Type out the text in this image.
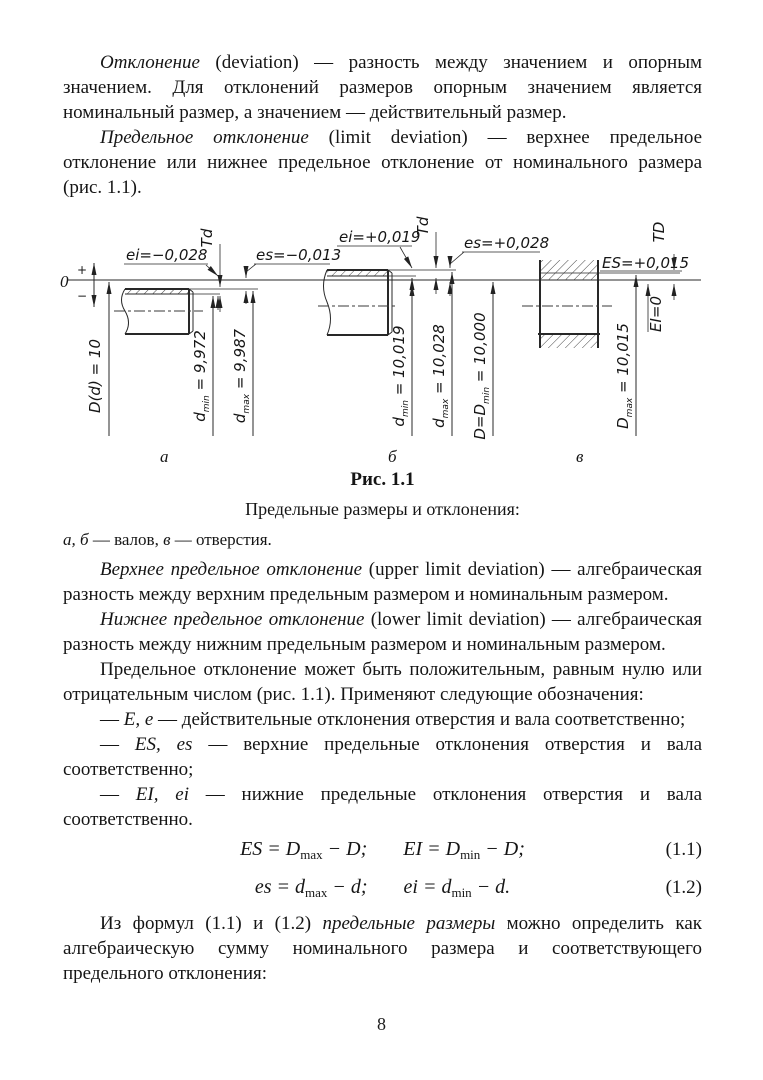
Отклонение (deviation) — разность между значением и опорным значением. Для отклонений размеров опорным значением является номинальный размер, а значением — действительный размер.

Предельное отклонение (limit deviation) — верхнее предельное отклонение или нижнее предельное отклонение от номинального размера (рис. 1.1).

0
+
−
D(d) = 10
ei=−0,028
Td
es=−0,013
$d_{min} = 9,972$
$d_{max} = 9,987$
а
ei=+0,019
Td
es=+0,028
$d_{min} = 10,019$
$d_{max} = 10,028$
$D=D_{min} = 10,000$
б
ES=+0,015
TD
EI=0
$D_{max} = 10,015$
в

Рис. 1.1

Предельные размеры и отклонения:

а, б — валов, в — отверстия.

Верхнее предельное отклонение (upper limit deviation) — алгебраическая разность между верхним предельным размером и номинальным размером.

Нижнее предельное отклонение (lower limit deviation) — алгебраическая разность между нижним предельным размером и номинальным размером.

Предельное отклонение может быть положительным, равным нулю или отрицательным числом (рис. 1.1). Применяют следующие обозначения:

— E, e — действительные отклонения отверстия и вала соответственно;

— ES, es — верхние предельные отклонения отверстия и вала соответственно;

— EI, ei — нижние предельные отклонения отверстия и вала соответственно.

ES = $D_{max} - D$; EI = $D_{min} - D$;	(1.1)
es = $d_{max} - d$; ei = $d_{min} - d$.	(1.2)

Из формул (1.1) и (1.2) предельные размеры можно определить как алгебраическую сумму номинального размера и соответствующего предельного отклонения:

8
